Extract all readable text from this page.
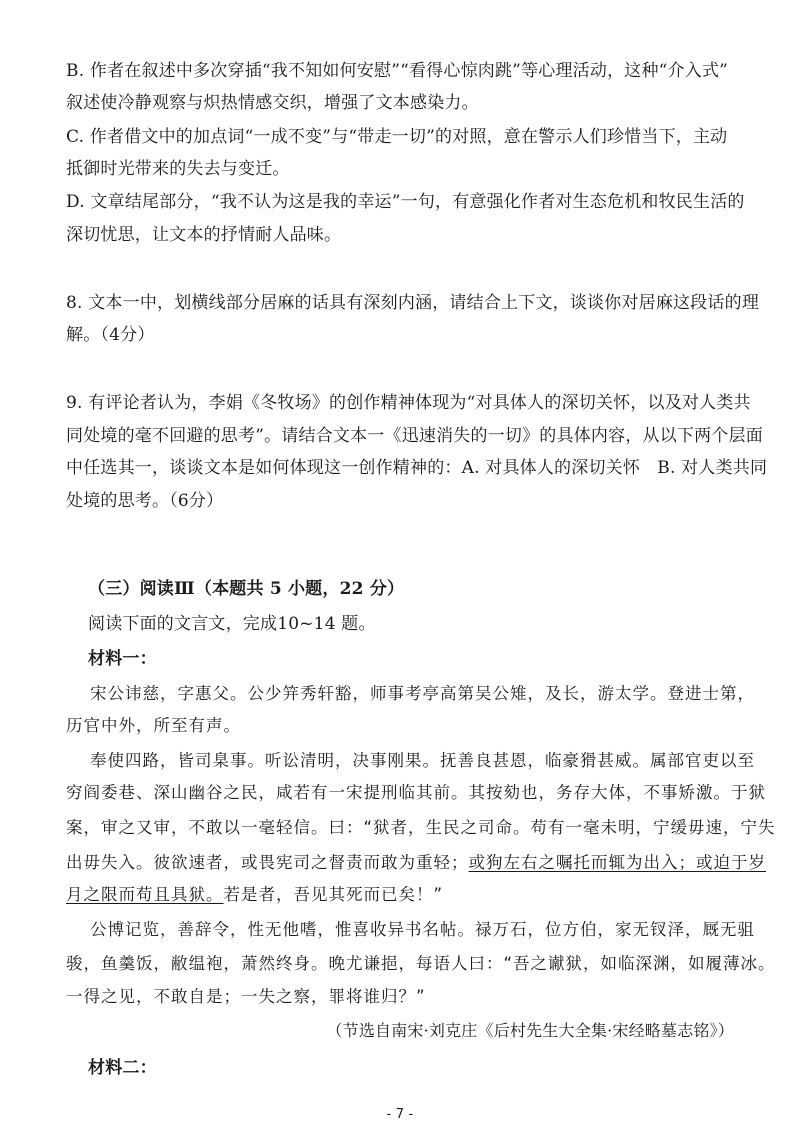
B. 作者在叙述中多次穿插“我不知如何安慰”“看得心惊肉跳”等心理活动，这种“介入式”
叙述使冷静观察与炽热情感交织，增强了文本感染力。
C. 作者借文中的加点词“一成不变”与“带走一切”的对照，意在警示人们珍惜当下，主动
抵御时光带来的失去与变迁。
D. 文章结尾部分，“我不认为这是我的幸运”一句，有意强化作者对生态危机和牧民生活的
深切忧思，让文本的抒情耐人品味。
8. 文本一中，划横线部分居麻的话具有深刻内涵，请结合上下文，谈谈你对居麻这段话的理
解。（4分）
9. 有评论者认为，李娟《冬牧场》的创作精神体现为“对具体人的深切关怀，以及对人类共
同处境的毫不回避的思考”。请结合文本一《迅速消失的一切》的具体内容，从以下两个层面
中任选其一，谈谈文本是如何体现这一创作精神的：A. 对具体人的深切关怀　B. 对人类共同
处境的思考。（6分）
（三）阅读Ⅲ（本题共 5 小题，22 分）
阅读下面的文言文，完成10~14 题。
材料一：
宋公讳慈，字惠父。公少笄秀轩豁，师事考亭高第吴公雉，及长，游太学。登进士第，
历官中外，所至有声。
奉使四路，皆司臬事。听讼清明，决事刚果。抚善良甚恩，临豪猾甚威。属部官吏以至
穷阎委巷、深山幽谷之民，咸若有一宋提刑临其前。其按劾也，务存大体，不事矫激。于狱
案，审之又审，不敢以一毫轻信。曰：“狱者，生民之司命。苟有一毫未明，宁缓毋速，宁失
出毋失入。彼欲速者，或畏宪司之督责而敢为重轻；或狗左右之嘱托而辄为出入；或迫于岁
月之限而苟且具狱。若是者，吾见其死而已矣！”
公博记览，善辞令，性无他嗜，惟喜收异书名帖。禄万石，位方伯，家无钗泽，厩无驵
骏，鱼羹饭，敝缊袍，萧然终身。晚尤谦挹，每语人曰：“吾之谳狱，如临深渊，如履薄冰。
一得之见，不敢自是；一失之察，罪将谁归？”
（节选自南宋·刘克庄《后村先生大全集·宋经略墓志铭》）
材料二：
- 7 -
